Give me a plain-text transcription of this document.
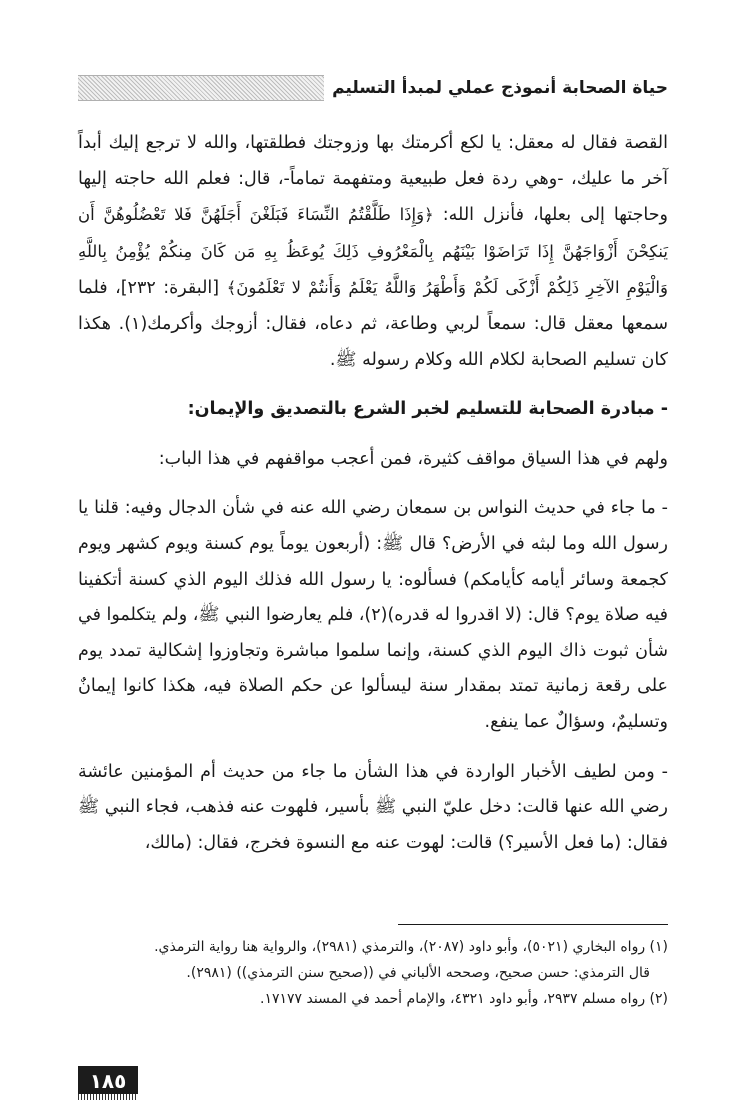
حياة الصحابة أنموذج عملي لمبدأ التسليم

القصة فقال له معقل: يا لكع أكرمتك بها وزوجتك فطلقتها، والله لا ترجع إليك أبداً آخر ما عليك، -وهي ردة فعل طبيعية ومتفهمة تماماً-، قال: فعلم الله حاجته إليها وحاجتها إلى بعلها، فأنزل الله: ﴿وَإِذَا طَلَّقْتُمُ النِّسَاءَ فَبَلَغْنَ أَجَلَهُنَّ فَلا تَعْضُلُوهُنَّ أَن يَنكِحْنَ أَزْوَاجَهُنَّ إِذَا تَرَاضَوْا بَيْنَهُم بِالْمَعْرُوفِ ذَلِكَ يُوعَظُ بِهِ مَن كَانَ مِنكُمْ يُؤْمِنُ بِاللَّهِ وَالْيَوْمِ الآخِرِ ذَلِكُمْ أَزْكَى لَكُمْ وَأَطْهَرُ وَاللَّهُ يَعْلَمُ وَأَنتُمْ لا تَعْلَمُونَ﴾ [البقرة: ٢٣٢]، فلما سمعها معقل قال: سمعاً لربي وطاعة، ثم دعاه، فقال: أزوجك وأكرمك(١). هكذا كان تسليم الصحابة لكلام الله وكلام رسوله ﷺ.

- مبادرة الصحابة للتسليم لخبر الشرع بالتصديق والإيمان:

ولهم في هذا السياق مواقف كثيرة، فمن أعجب مواقفهم في هذا الباب:

- ما جاء في حديث النواس بن سمعان رضي الله عنه في شأن الدجال وفيه: قلنا يا رسول الله وما لبثه في الأرض؟ قال ﷺ: (أربعون يوماً يوم كسنة ويوم كشهر ويوم كجمعة وسائر أيامه كأيامكم) فسألوه: يا رسول الله فذلك اليوم الذي كسنة أتكفينا فيه صلاة يوم؟ قال: (لا اقدروا له قدره)(٢)، فلم يعارضوا النبي ﷺ، ولم يتكلموا في شأن ثبوت ذاك اليوم الذي كسنة، وإنما سلموا مباشرة وتجاوزوا إشكالية تمدد يوم على رقعة زمانية تمتد بمقدار سنة ليسألوا عن حكم الصلاة فيه، هكذا كانوا إيمانٌ وتسليمٌ، وسؤالٌ عما ينفع.

- ومن لطيف الأخبار الواردة في هذا الشأن ما جاء من حديث أم المؤمنين عائشة رضي الله عنها قالت: دخل عليّ النبي ﷺ بأسير، فلهوت عنه فذهب، فجاء النبي ﷺ فقال: (ما فعل الأسير؟) قالت: لهوت عنه مع النسوة فخرج، فقال: (مالك،

(١) رواه البخاري (٥٠٢١)، وأبو داود (٢٠٨٧)، والترمذي (٢٩٨١)، والرواية هنا رواية الترمذي.
قال الترمذي: حسن صحيح، وصححه الألباني في ((صحيح سنن الترمذي)) (٢٩٨١).
(٢) رواه مسلم ٢٩٣٧، وأبو داود ٤٣٢١، والإمام أحمد في المسند ١٧١٧٧.
١٨٥
